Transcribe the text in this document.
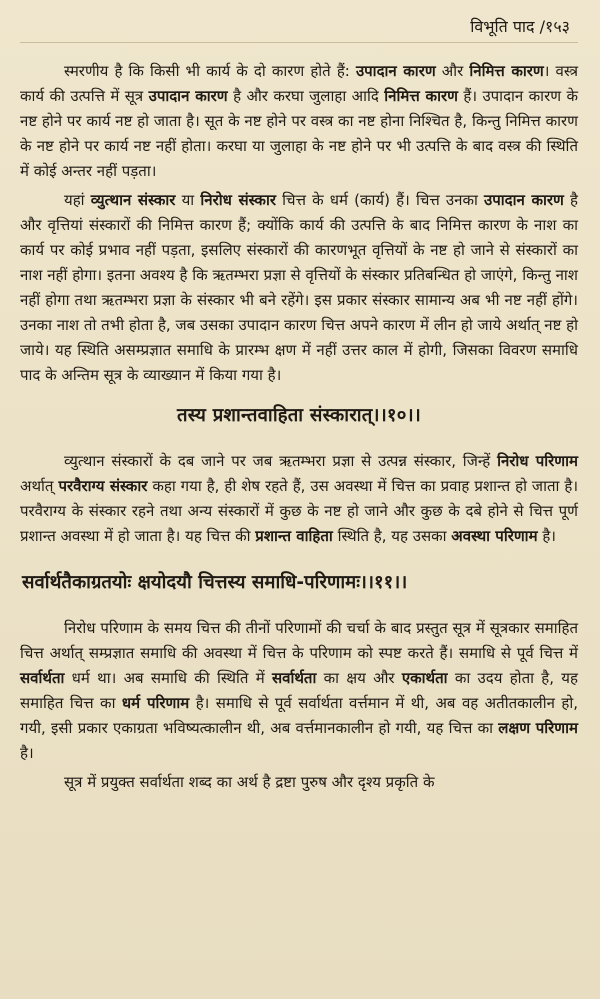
विभूति पाद /१५३

स्मरणीय है कि किसी भी कार्य के दो कारण होते हैं: उपादान कारण और निमित्त कारण। वस्त्र कार्य की उत्पत्ति में सूत्र उपादान कारण है और करघा जुलाहा आदि निमित्त कारण हैं। उपादान कारण के नष्ट होने पर कार्य नष्ट हो जाता है। सूत के नष्ट होने पर वस्त्र का नष्ट होना निश्चित है, किन्तु निमित्त कारण के नष्ट होने पर कार्य नष्ट नहीं होता। करघा या जुलाहा के नष्ट होने पर भी उत्पत्ति के बाद वस्त्र की स्थिति में कोई अन्तर नहीं पड़ता।

यहां व्युत्थान संस्कार या निरोध संस्कार चित्त के धर्म (कार्य) हैं। चित्त उनका उपादान कारण है और वृत्तियां संस्कारों की निमित्त कारण हैं; क्योंकि कार्य की उत्पत्ति के बाद निमित्त कारण के नाश का कार्य पर कोई प्रभाव नहीं पड़ता, इसलिए संस्कारों की कारणभूत वृत्तियों के नष्ट हो जाने से संस्कारों का नाश नहीं होगा। इतना अवश्य है कि ऋतम्भरा प्रज्ञा से वृत्तियों के संस्कार प्रतिबन्धित हो जाएंगे, किन्तु नाश नहीं होगा तथा ऋतम्भरा प्रज्ञा के संस्कार भी बने रहेंगे। इस प्रकार संस्कार सामान्य अब भी नष्ट नहीं होंगे। उनका नाश तो तभी होता है, जब उसका उपादान कारण चित्त अपने कारण में लीन हो जाये अर्थात् नष्ट हो जाये। यह स्थिति असम्प्रज्ञात समाधि के प्रारम्भ क्षण में नहीं उत्तर काल में होगी, जिसका विवरण समाधि पाद के अन्तिम सूत्र के व्याख्यान में किया गया है।

तस्य प्रशान्तवाहिता संस्कारात्।।१०।।

व्युत्थान संस्कारों के दब जाने पर जब ऋतम्भरा प्रज्ञा से उत्पन्न संस्कार, जिन्हें निरोध परिणाम अर्थात् परवैराग्य संस्कार कहा गया है, ही शेष रहते हैं, उस अवस्था में चित्त का प्रवाह प्रशान्त हो जाता है। परवैराग्य के संस्कार रहने तथा अन्य संस्कारों में कुछ के नष्ट हो जाने और कुछ के दबे होने से चित्त पूर्ण प्रशान्त अवस्था में हो जाता है। यह चित्त की प्रशान्त वाहिता स्थिति है, यह उसका अवस्था परिणाम है।

सर्वार्थतैकाग्रतयोः क्षयोदयौ चित्तस्य समाधि-परिणामः।।११।।

निरोध परिणाम के समय चित्त की तीनों परिणामों की चर्चा के बाद प्रस्तुत सूत्र में सूत्रकार समाहित चित्त अर्थात् सम्प्रज्ञात समाधि की अवस्था में चित्त के परिणाम को स्पष्ट करते हैं। समाधि से पूर्व चित्त में सर्वार्थता धर्म था। अब समाधि की स्थिति में सर्वार्थता का क्षय और एकार्थता का उदय होता है, यह समाहित चित्त का धर्म परिणाम है। समाधि से पूर्व सर्वार्थता वर्त्तमान में थी, अब वह अतीतकालीन हो, गयी, इसी प्रकार एकाग्रता भविष्यत्कालीन थी, अब वर्त्तमानकालीन हो गयी, यह चित्त का लक्षण परिणाम है।

सूत्र में प्रयुक्त सर्वार्थता शब्द का अर्थ है द्रष्टा पुरुष और दृश्य प्रकृति के
